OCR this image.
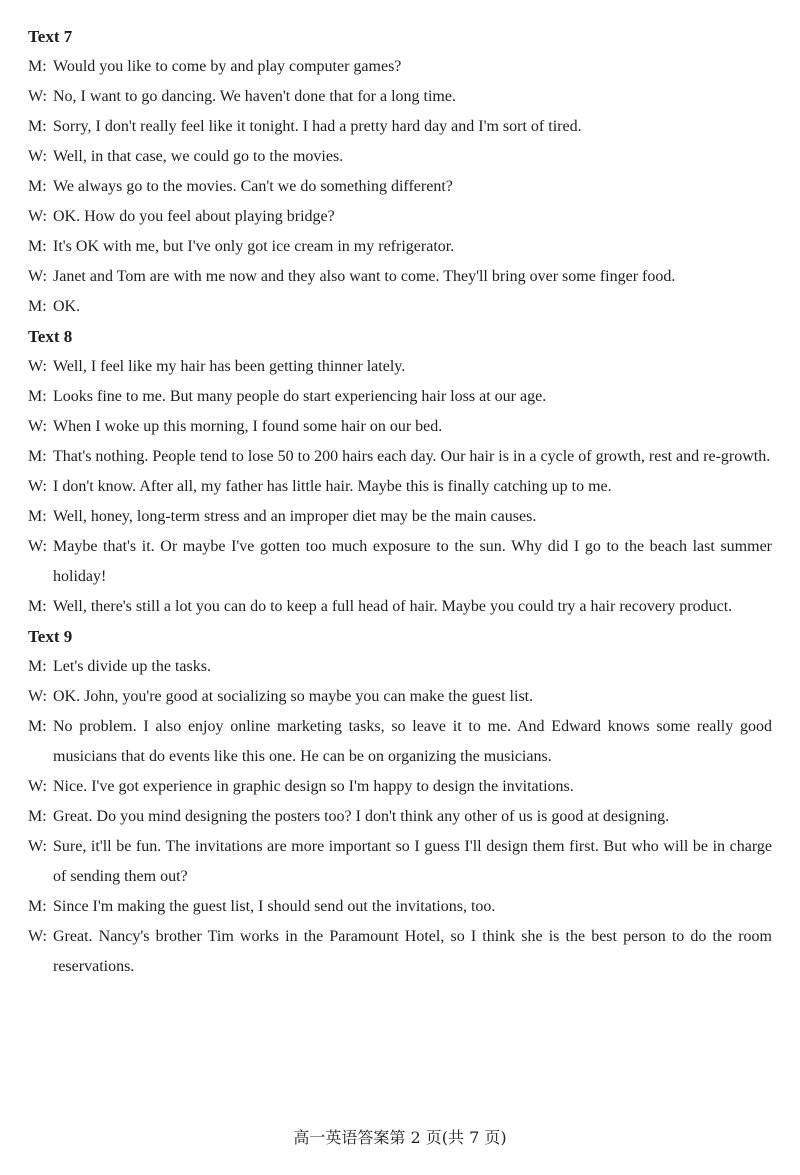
Text 7
M: Would you like to come by and play computer games?
W: No, I want to go dancing. We haven't done that for a long time.
M: Sorry, I don't really feel like it tonight. I had a pretty hard day and I'm sort of tired.
W: Well, in that case, we could go to the movies.
M: We always go to the movies. Can't we do something different?
W: OK. How do you feel about playing bridge?
M: It's OK with me, but I've only got ice cream in my refrigerator.
W: Janet and Tom are with me now and they also want to come. They'll bring over some finger food.
M: OK.
Text 8
W: Well, I feel like my hair has been getting thinner lately.
M: Looks fine to me. But many people do start experiencing hair loss at our age.
W: When I woke up this morning, I found some hair on our bed.
M: That's nothing. People tend to lose 50 to 200 hairs each day. Our hair is in a cycle of growth, rest and re-growth.
W: I don't know. After all, my father has little hair. Maybe this is finally catching up to me.
M: Well, honey, long-term stress and an improper diet may be the main causes.
W: Maybe that's it. Or maybe I've gotten too much exposure to the sun. Why did I go to the beach last summer holiday!
M: Well, there's still a lot you can do to keep a full head of hair. Maybe you could try a hair recovery product.
Text 9
M: Let's divide up the tasks.
W: OK. John, you're good at socializing so maybe you can make the guest list.
M: No problem. I also enjoy online marketing tasks, so leave it to me. And Edward knows some really good musicians that do events like this one. He can be on organizing the musicians.
W: Nice. I've got experience in graphic design so I'm happy to design the invitations.
M: Great. Do you mind designing the posters too? I don't think any other of us is good at designing.
W: Sure, it'll be fun. The invitations are more important so I guess I'll design them first. But who will be in charge of sending them out?
M: Since I'm making the guest list, I should send out the invitations, too.
W: Great. Nancy's brother Tim works in the Paramount Hotel, so I think she is the best person to do the room reservations.
高一英语答案第 2 页(共 7 页)
